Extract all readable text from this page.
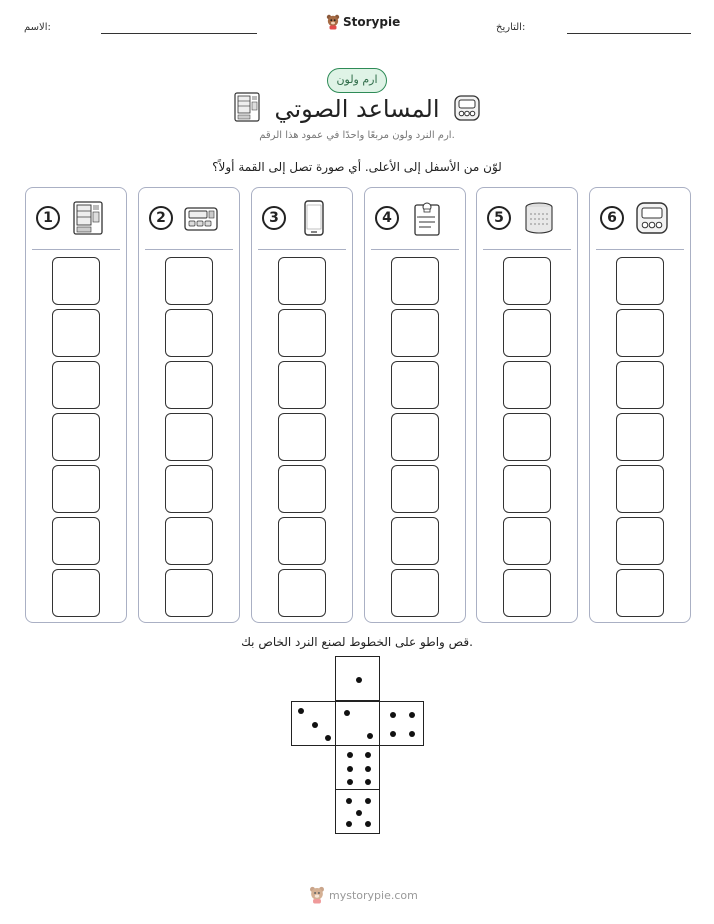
الاسم:	Storypie	التاريخ:
ارم ولون
المساعد الصوتي
ارم النرد ولون مربعًا واحدًا في عمود هذا الرقم.
لوّن من الأسفل إلى الأعلى. أي صورة تصل إلى القمة أولاً؟
1	2	3	4	5	6
قص واطو على الخطوط لصنع النرد الخاص بك.
mystorypie.com
